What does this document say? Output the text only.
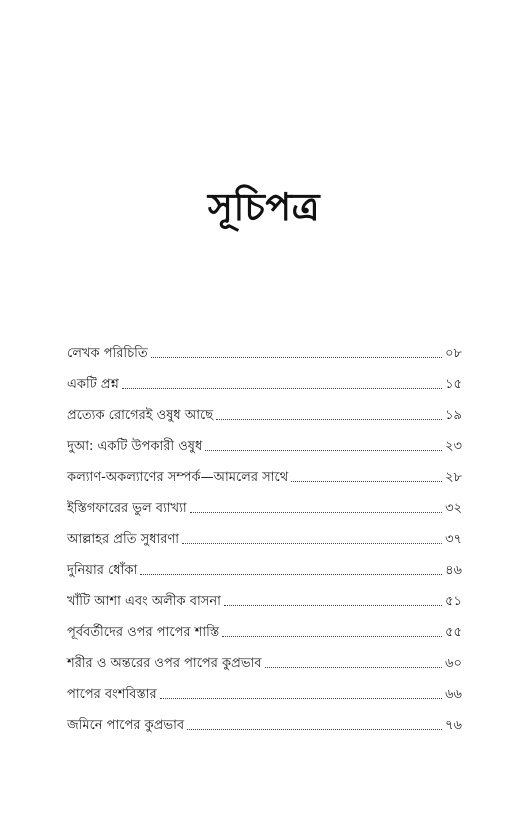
সূচিপত্র
লেখক পরিচিতি	০৮
একটি প্রশ্ন	১৫
প্রত্যেক রোগেরই ওষুধ আছে	১৯
দুআ: একটি উপকারী ওষুধ	২৩
কল্যাণ-অকল্যাণের সম্পর্ক—আমলের সাথে	২৮
ইস্তিগফারের ভুল ব্যাখ্যা	৩২
আল্লাহর প্রতি সুধারণা	৩৭
দুনিয়ার ধোঁকা	৪৬
খাঁটি আশা এবং অলীক বাসনা	৫১
পূর্ববর্তীদের ওপর পাপের শাস্তি	৫৫
শরীর ও অন্তরের ওপর পাপের কুপ্রভাব	৬০
পাপের বংশবিস্তার	৬৬
জমিনে পাপের কুপ্রভাব	৭৬
